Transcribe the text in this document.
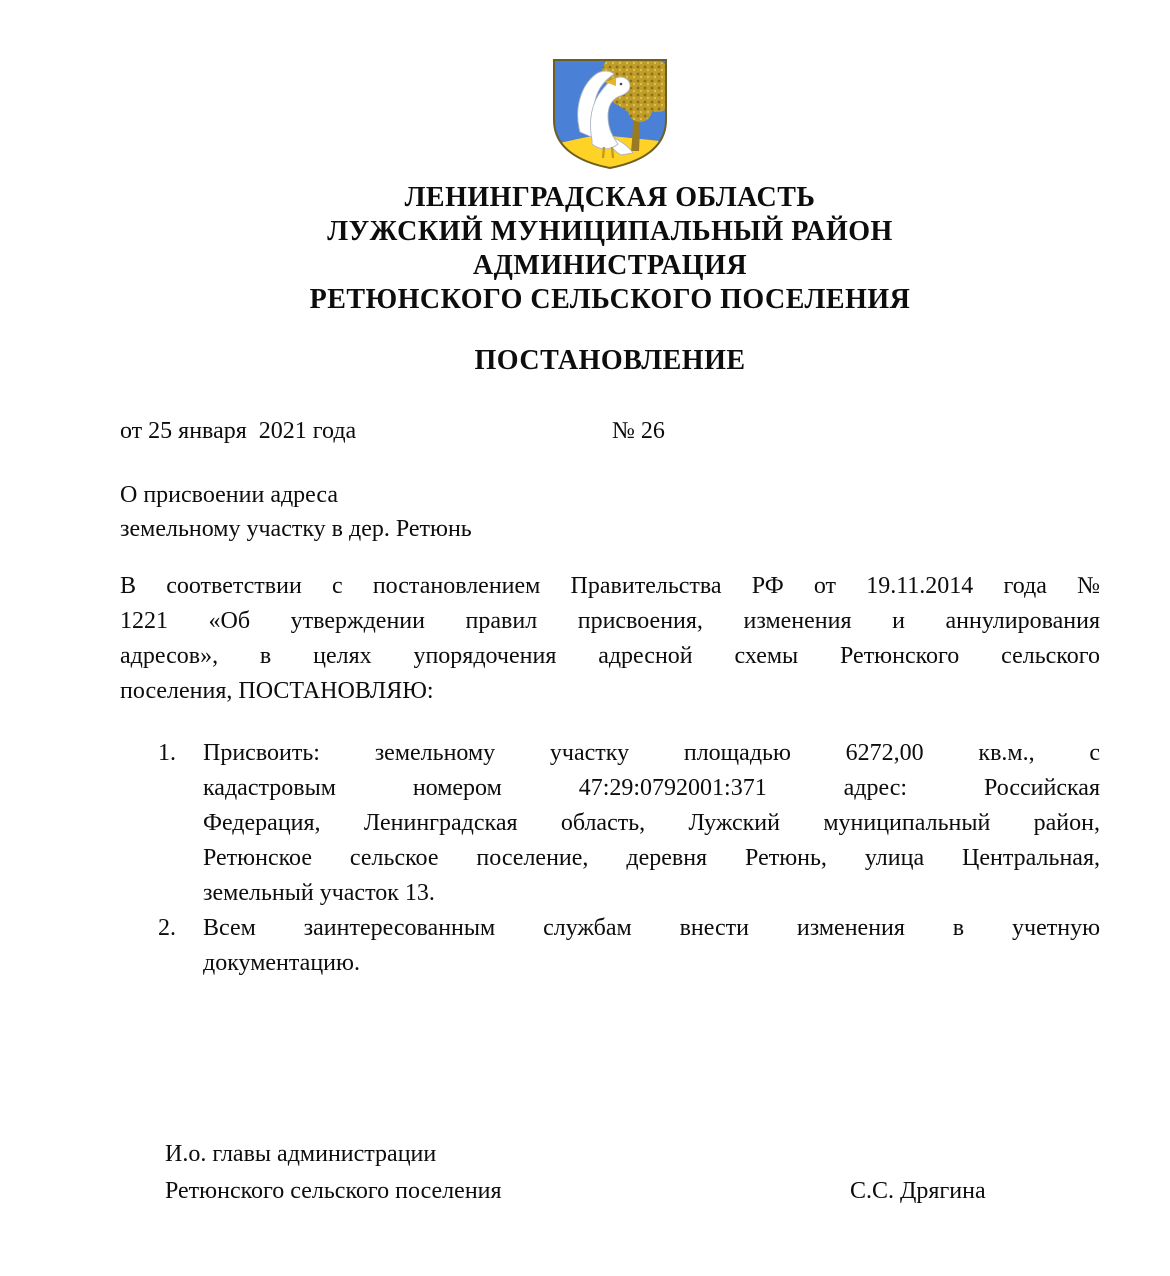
ЛЕНИНГРАДСКАЯ ОБЛАСТЬ
ЛУЖСКИЙ МУНИЦИПАЛЬНЫЙ РАЙОН
АДМИНИСТРАЦИЯ
РЕТЮНСКОГО СЕЛЬСКОГО ПОСЕЛЕНИЯ
ПОСТАНОВЛЕНИЕ
от 25 января  2021 года	№ 26
О присвоении адреса
земельному участку в дер. Ретюнь
В соответствии с постановлением Правительства РФ от 19.11.2014 года №
1221 «Об утверждении правил присвоения, изменения и аннулирования
адресов», в целях упорядочения адресной схемы Ретюнского сельского
поселения, ПОСТАНОВЛЯЮ:
1.	Присвоить: земельному участку площадью 6272,00 кв.м., с
кадастровым номером 47:29:0792001:371 адрес: Российская
Федерация, Ленинградская область, Лужский муниципальный район,
Ретюнское сельское поселение, деревня Ретюнь, улица Центральная,
земельный участок 13.
2.	Всем заинтересованным службам внести изменения в учетную
документацию.
И.о. главы администрации
Ретюнского сельского поселения	С.С. Дрягина
